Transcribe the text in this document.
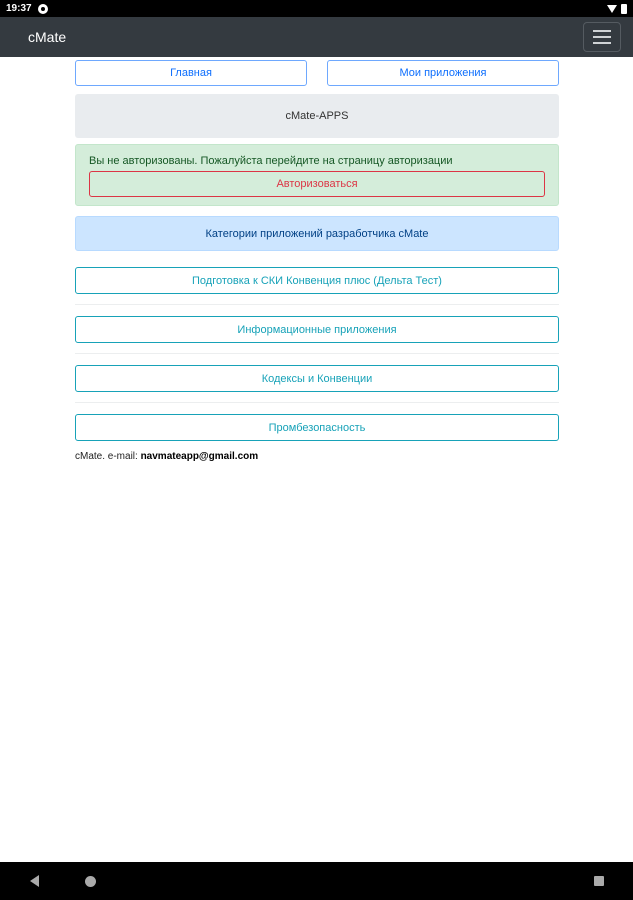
19:37
cMate
Главная	Мои приложения
cMate-APPS
Вы не авторизованы. Пожалуйста перейдите на страницу авторизации
Авторизоваться
Категории приложений разработчика cMate
Подготовка к СКИ Конвенция плюс (Дельта Тест)
Информационные приложения
Кодексы и Конвенции
Промбезопасность
cMate. e-mail: navmateapp@gmail.com
